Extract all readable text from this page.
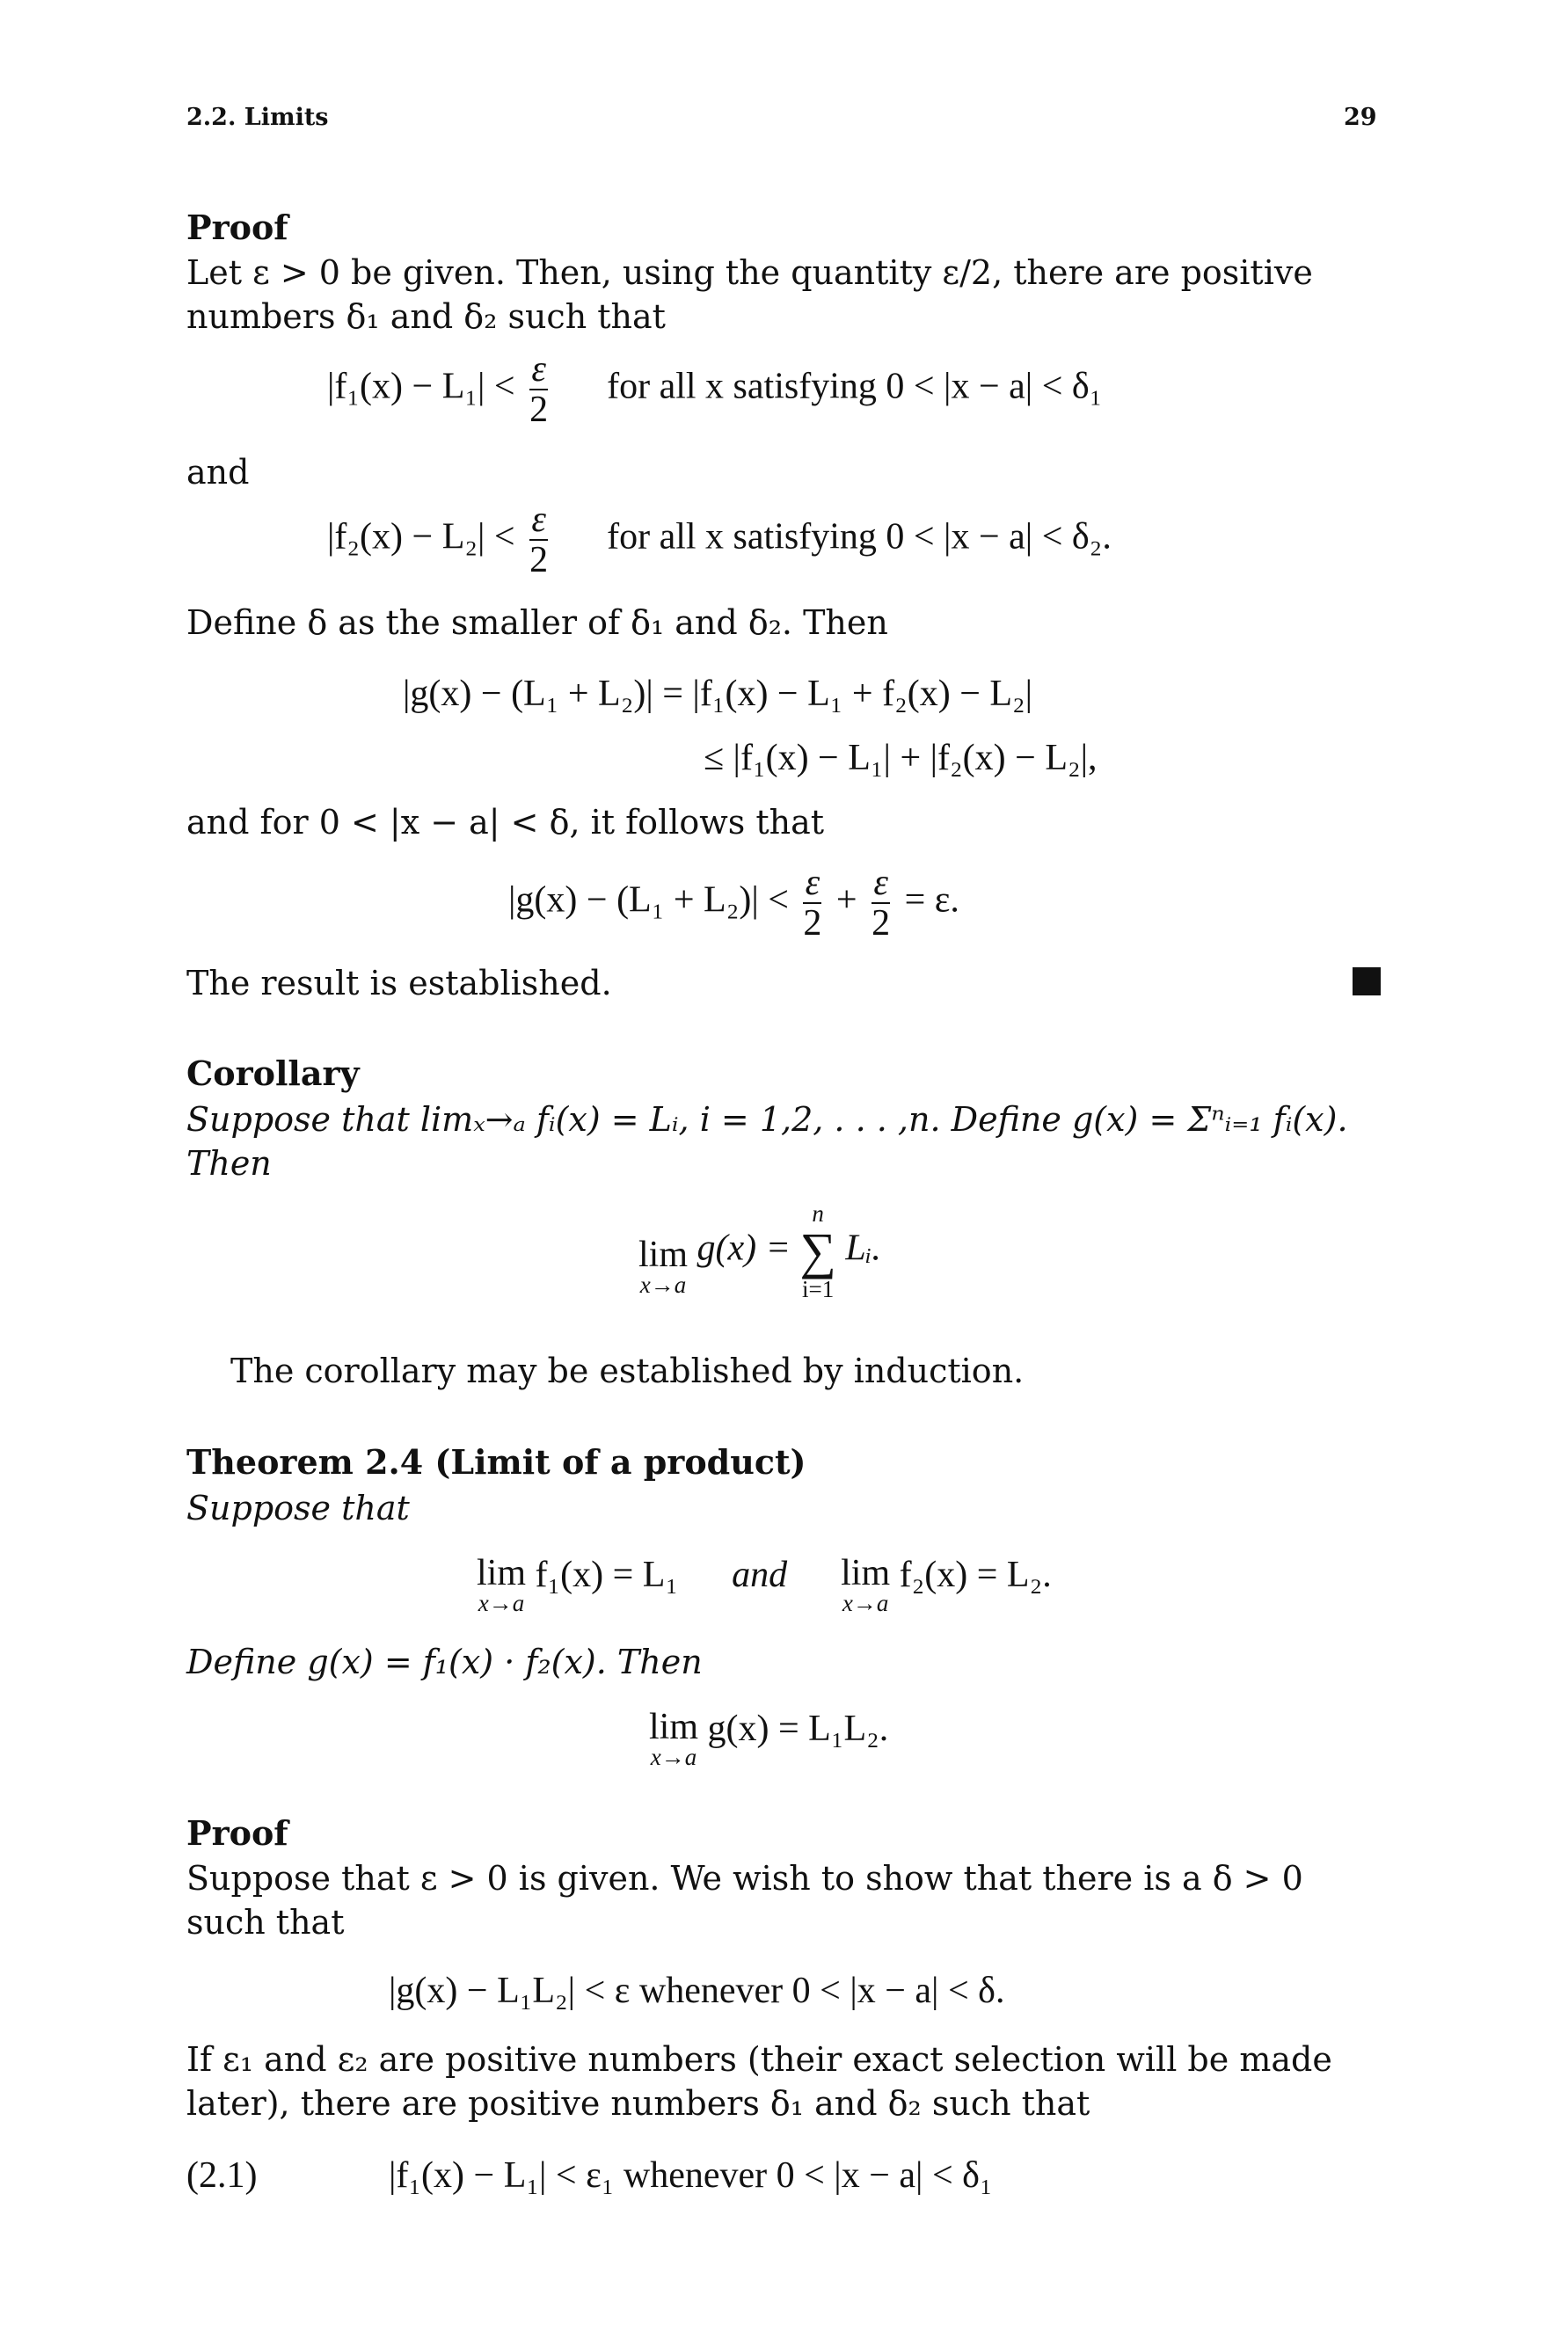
2.2. Limits	29
Proof
Let ε > 0 be given. Then, using the quantity ε/2, there are positive numbers δ₁ and δ₂ such that
$|f_1(x) - L_1| < \frac{\varepsilon}{2}$ for all x satisfying 0 < |x − a| < δ₁
and
$|f_2(x) - L_2| < \frac{\varepsilon}{2}$ for all x satisfying 0 < |x − a| < δ₂.
Define δ as the smaller of δ₁ and δ₂. Then
|g(x) − (L₁ + L₂)| = |f₁(x) − L₁ + f₂(x) − L₂|
≤ |f₁(x) − L₁| + |f₂(x) − L₂|,
and for 0 < |x − a| < δ, it follows that
$|g(x) - (L_1 + L_2)| < \frac{\varepsilon}{2} + \frac{\varepsilon}{2} = \varepsilon$.
The result is established.
Corollary
Suppose that limₓ→ₐ fᵢ(x) = Lᵢ, i = 1,2, . . . ,n. Define g(x) = Σⁿᵢ₌₁ fᵢ(x).
Then
lim
x→a
g(x) =
n
∑
i=1
Lᵢ.
The corollary may be established by induction.
Theorem 2.4 (Limit of a product)
Suppose that
lim
x→a
f₁(x) = L₁ and lim
x→a
f₂(x) = L₂.
Define g(x) = f₁(x) · f₂(x). Then
lim
x→a
g(x) = L₁L₂.
Proof
Suppose that ε > 0 is given. We wish to show that there is a δ > 0 such that
|g(x) − L₁L₂| < ε whenever 0 < |x − a| < δ.
If ε₁ and ε₂ are positive numbers (their exact selection will be made later), there are positive numbers δ₁ and δ₂ such that
(2.1)	|f₁(x) − L₁| < ε₁ whenever 0 < |x − a| < δ₁
